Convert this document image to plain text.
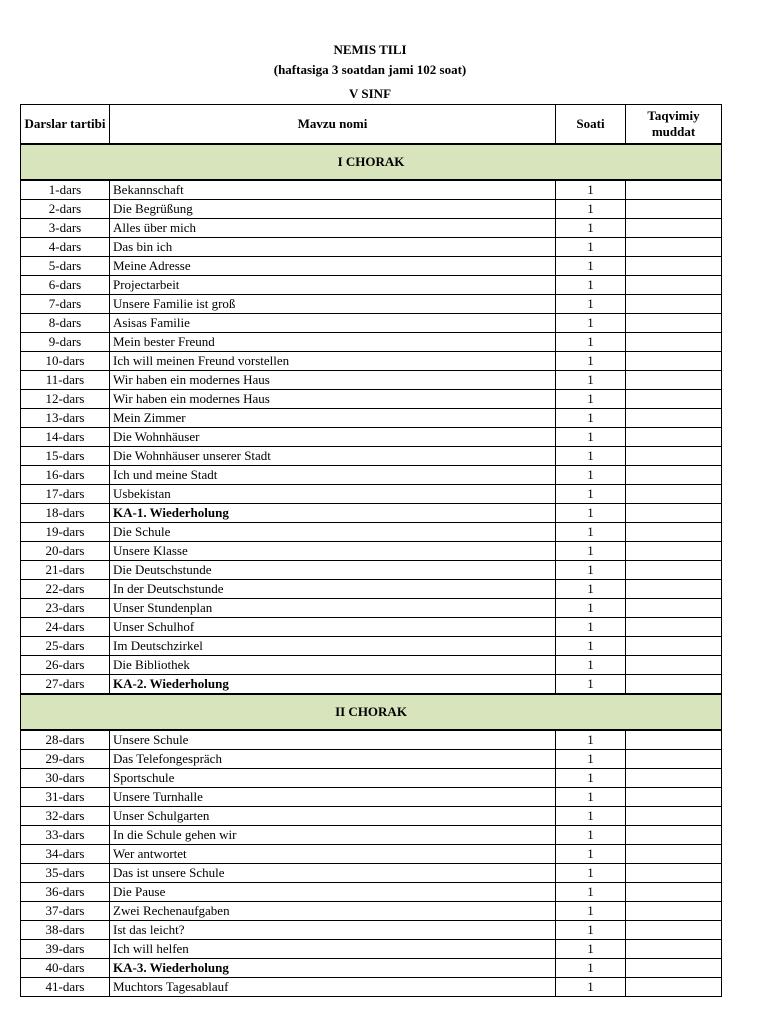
NEMIS TILI
(haftasiga 3 soatdan jami 102 soat)
V SINF
Darslar tartibi	Mavzu nomi	Soati	Taqvimiy muddat
I CHORAK			
1-dars	Bekannschaft	1	
2-dars	Die Begrüßung	1	
3-dars	Alles über mich	1	
4-dars	Das bin ich	1	
5-dars	Meine Adresse	1	
6-dars	Projectarbeit	1	
7-dars	Unsere Familie ist groß	1	
8-dars	Asisas Familie	1	
9-dars	Mein bester Freund	1	
10-dars	Ich will meinen Freund vorstellen	1	
11-dars	Wir haben ein modernes Haus	1	
12-dars	Wir haben ein modernes Haus	1	
13-dars	Mein Zimmer	1	
14-dars	Die Wohnhäuser	1	
15-dars	Die Wohnhäuser unserer Stadt	1	
16-dars	Ich und meine Stadt	1	
17-dars	Usbekistan	1	
18-dars	KA-1. Wiederholung	1	
19-dars	Die Schule	1	
20-dars	Unsere Klasse	1	
21-dars	Die Deutschstunde	1	
22-dars	In der Deutschstunde	1	
23-dars	Unser Stundenplan	1	
24-dars	Unser Schulhof	1	
25-dars	Im Deutschzirkel	1	
26-dars	Die Bibliothek	1	
27-dars	KA-2. Wiederholung	1	
II CHORAK			
28-dars	Unsere Schule	1	
29-dars	Das Telefongespräch	1	
30-dars	Sportschule	1	
31-dars	Unsere Turnhalle	1	
32-dars	Unser Schulgarten	1	
33-dars	In die Schule gehen wir	1	
34-dars	Wer antwortet	1	
35-dars	Das ist unsere Schule	1	
36-dars	Die Pause	1	
37-dars	Zwei Rechenaufgaben	1	
38-dars	Ist das leicht?	1	
39-dars	Ich will helfen	1	
40-dars	KA-3. Wiederholung	1	
41-dars	Muchtors Tagesablauf	1	
